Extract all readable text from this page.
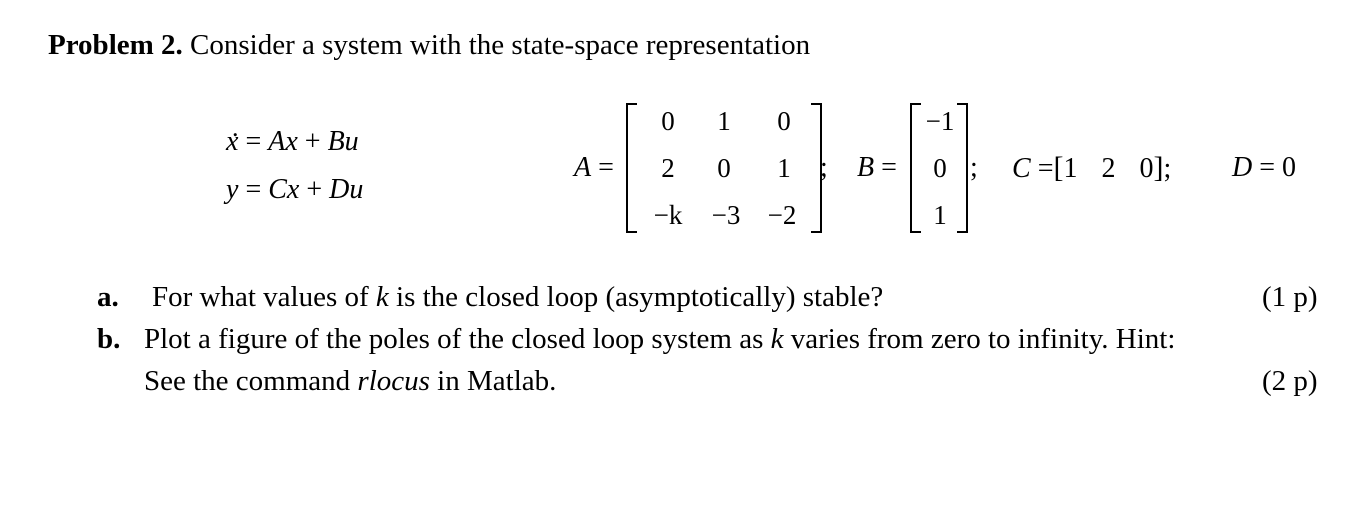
Problem 2. Consider a system with the state-space representation
. x = Ax + Bu
y = Cx + Du
A =
0	1	0
2	0	1
−k	−3	−2
; B =
−1
0
1
; C =[1 2 0]; D = 0
a. For what values of k is the closed loop (asymptotically) stable?	(1 p)
b. Plot a figure of the poles of the closed loop system as k varies from zero to infinity. Hint:
See the command rlocus in Matlab.	(2 p)
